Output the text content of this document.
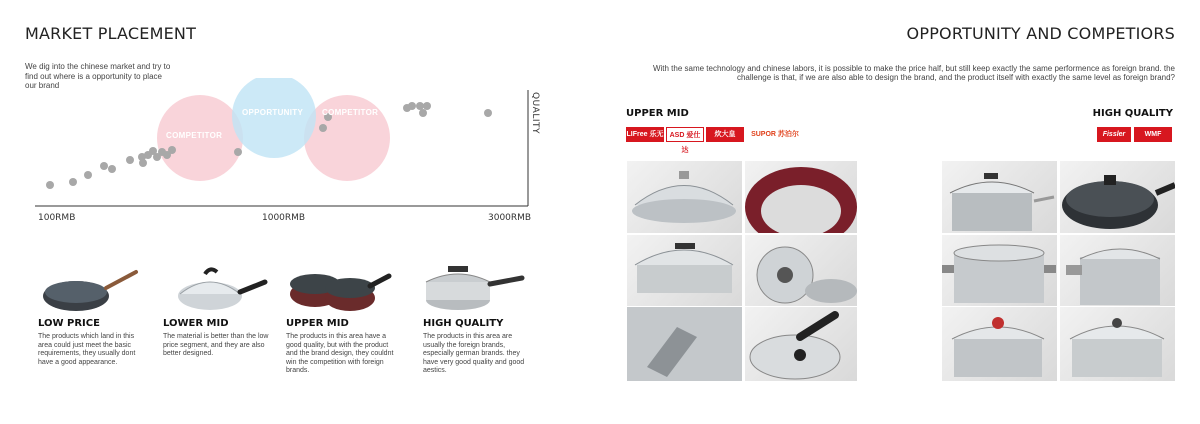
MARKET PLACEMENT
We dig into the chinese market and try to find out where is a opportunity to place our brand
COMPETITOR
OPPORTUNITY COMPETITOR	QUALITY
100RMB	1000RMB	3000RMB
LOW PRICE
The products which land in this area could just meet the basic requirements, they usually dont have a good appearance.
LOWER MID
The material is better than the low price segment, and they are also better designed.
UPPER MID
The products in this area have a good quality, but with the product and the brand design, they couldnt win the competition with foreign brands.
HIGH QUALITY
The products in this area are usually the foreign brands, especially german brands. they have very good quality and good aestics.
OPPORTUNITY AND COMPETIORS
With the same technology and chinese labors, it is possible to make the price half, but still keep exactly the same performence as foreign brand. the
challenge is that, if we are also able to design the brand, and the product itself with exactly the same level as foreign brand?
UPPER MID	HIGH QUALITY
LIFree 乐无穷
ASD 爱仕达
炊大皇	SUPOR 苏泊尔	Fissler	WMF
